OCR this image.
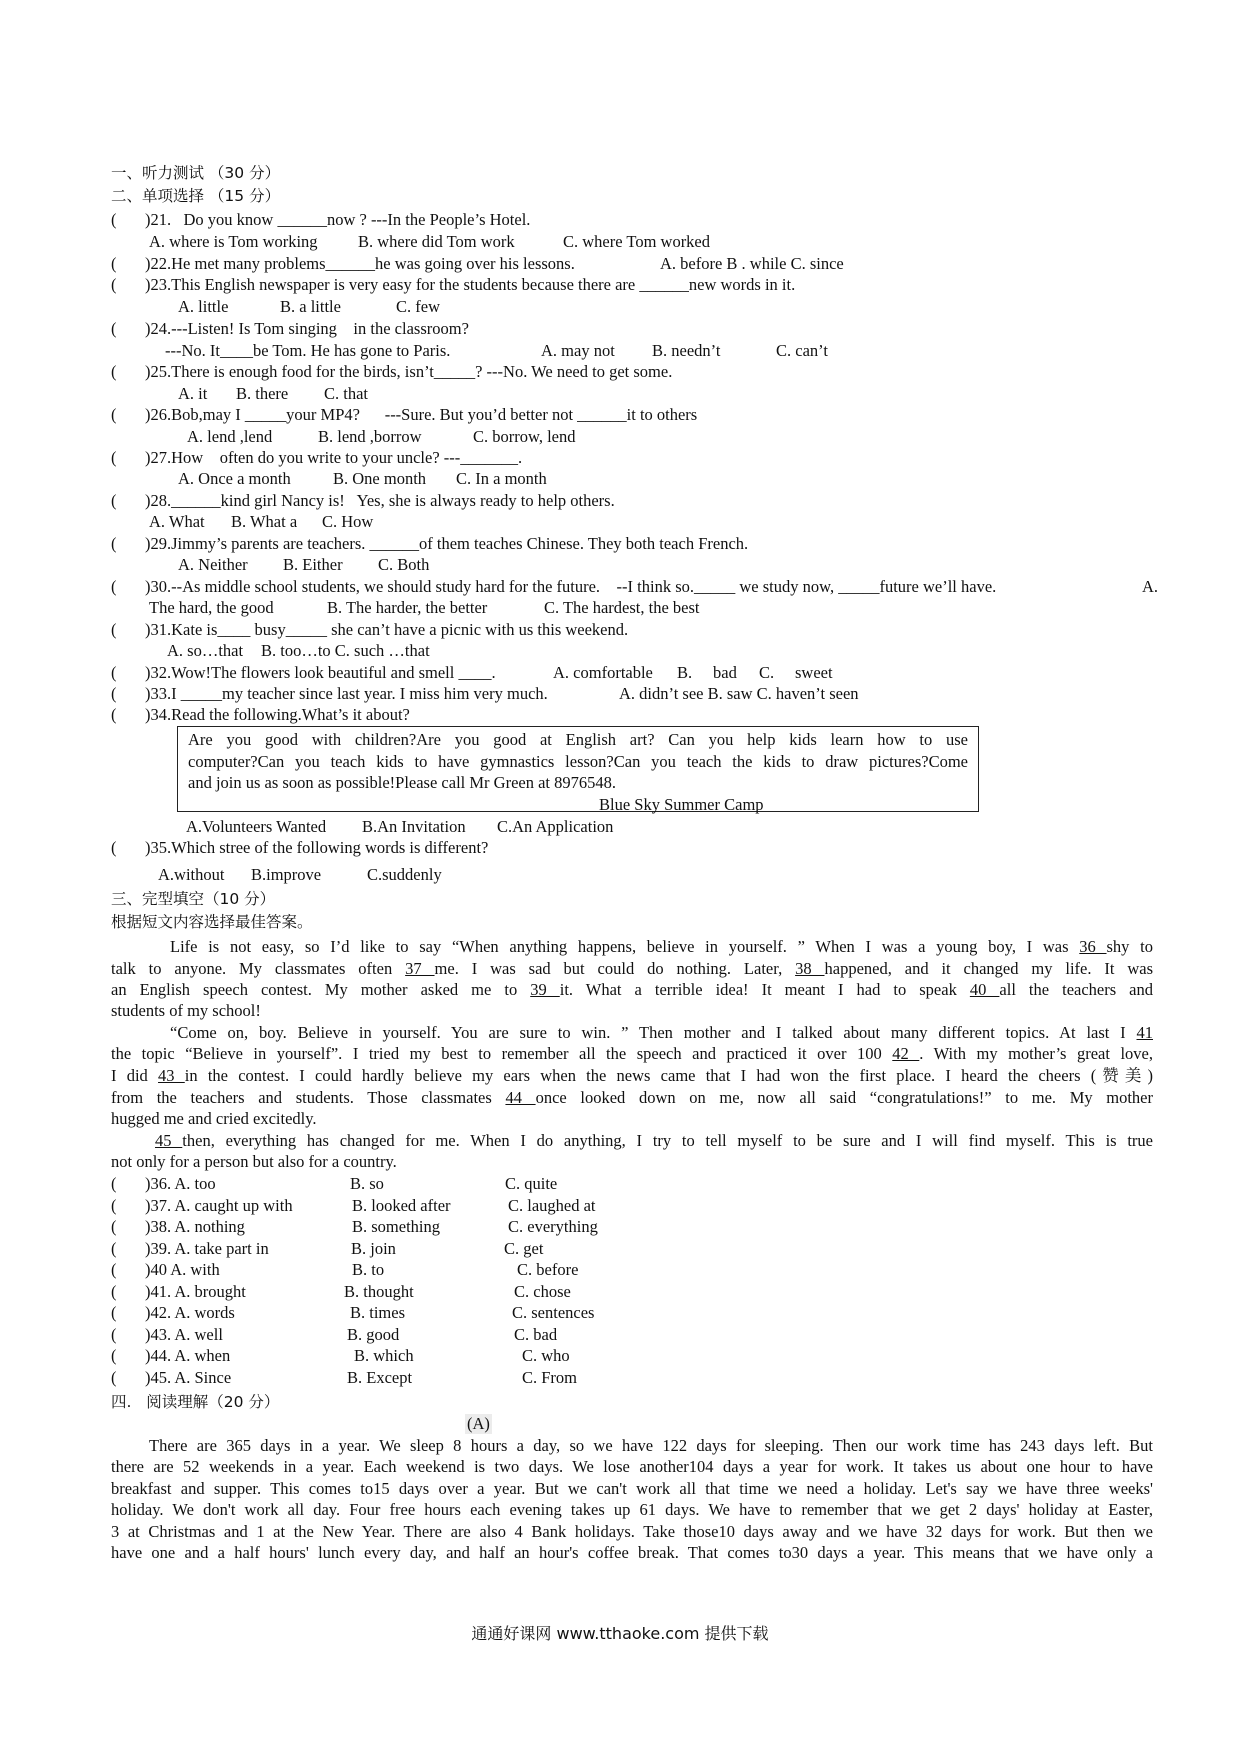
一、听力测试 （30 分）
二、单项选择 （15 分）

(

)21.   Do you know ______now ? ---In the People’s Hotel.

A. where is Tom working

B. where did Tom work

	C. where Tom worked

(

)22.He met many problems______he was going over his lessons.

	A. before B . while C. since

(

)23.This English newspaper is very easy for the students because there are ______new words in it.

A. little

	B. a little

	C. few

(

)24.---Listen! Is Tom singing    in the classroom?

---No. It____be Tom. He has gone to Paris.

	A. may not

B. needn’t

	C. can’t

(

)25.There is enough food for the birds, isn’t_____? ---No. We need to get some.

A. it

B. there

C. that

(

)26.Bob,may I _____your MP4?      ---Sure. But you’d better not ______it to others

A. lend ,lend

	B. lend ,borrow

	C. borrow, lend

(

)27.How    often do you write to your uncle? ---_______.

A. Once a month

	B. One month

C. In a month

(

)28.______kind girl Nancy is!   Yes, she is always ready to help others.

A. What

B. What a

C. How

(

)29.Jimmy’s parents are teachers. ______of them teaches Chinese. They both teach French.

A. Neither

B. Either

C. Both

(

)30.--As middle school students, we should study hard for the future.    --I think so._____ we study now, _____future we’ll have.

	A.

The hard, the good

	B. The harder, the better

	C. The hardest, the best

(

)31.Kate is____ busy_____ she can’t have a picnic with us this weekend.

A. so…that

B. too…to C. such …that

(

)32.Wow!The flowers look beautiful and smell ____.

	A. comfortable

B.

bad

C.

sweet

(

)33.I _____my teacher since last year. I miss him very much.

	A. didn’t see B. saw C. haven’t seen

(

)34.Read the following.What’s it about?

Are you good with children?Are you good at English art? Can you help kids learn how to use
computer?Can you teach kids to have gymnastics lesson?Can you teach the kids to draw pictures?Come
and join us as soon as possible!Please call Mr Green at 8976548.
Blue Sky Summer Camp

A.Volunteers Wanted

B.An Invitation

C.An Application

(

)35.Which stree of the following words is different?

A.without

B.improve

	C.suddenly

三、完型填空（10 分）
根据短文内容选择最佳答案。
Life is not easy, so I’d like to say “When anything happens, believe in yourself. ” When I was a young boy, I was 36 shy to
talk to anyone. My classmates often 37 me. I was sad but could do nothing. Later, 38 happened, and it changed my life. It was
an English speech contest. My mother asked me to 39 it. What a terrible idea! It meant I had to speak 40 all the teachers and
students of my school!
“Come on, boy. Believe in yourself. You are sure to win. ” Then mother and I talked about many different topics. At last I 41
the topic “Believe in yourself”. I tried my best to remember all the speech and practiced it over 100 42 . With my mother’s great love,
I did 43 in the contest. I could hardly believe my ears when the news came that I had won the first place. I heard the cheers (赞美)
from the teachers and students. Those classmates 44 once looked down on me, now all said “congratulations!” to me. My mother
hugged me and cried excitedly.
45 then, everything has changed for me. When I do anything, I try to tell myself to be sure and I will find myself. This is true
not only for a person but also for a country.
( )36. A. too	B. so	C. quite
( )37. A. caught up with	B. looked after	C. laughed at
( )38. A. nothing	B. something	C. everything
( )39. A. take part in	B. join	C. get
( )40 A. with	B. to	C. before
( )41. A. brought	B. thought	C. chose
( )42. A. words	B. times	C. sentences
( )43. A. well	B. good	C. bad
( )44. A. when	B. which	C. who
( )45. A. Since	B. Except	C. From
四.   阅读理解（20 分）
(A)
There are 365 days in a year. We sleep 8 hours a day, so we have 122 days for sleeping. Then our work time has 243 days left. But
there are 52 weekends in a year. Each weekend is two days. We lose another104 days a year for work. It takes us about one hour to have
breakfast and supper. This comes to15 days over a year. But we can't work all that time we need a holiday. Let's say we have three weeks'
holiday. We don't work all day. Four free hours each evening takes up 61 days. We have to remember that we get 2 days' holiday at Easter,
3 at Christmas and 1 at the New Year. There are also 4 Bank holidays. Take those10 days away and we have 32 days for work. But then we
have one and a half hours' lunch every day, and half an hour's coffee break. That comes to30 days a year. This means that we have only a
通通好课网 www.tthaoke.com 提供下载
